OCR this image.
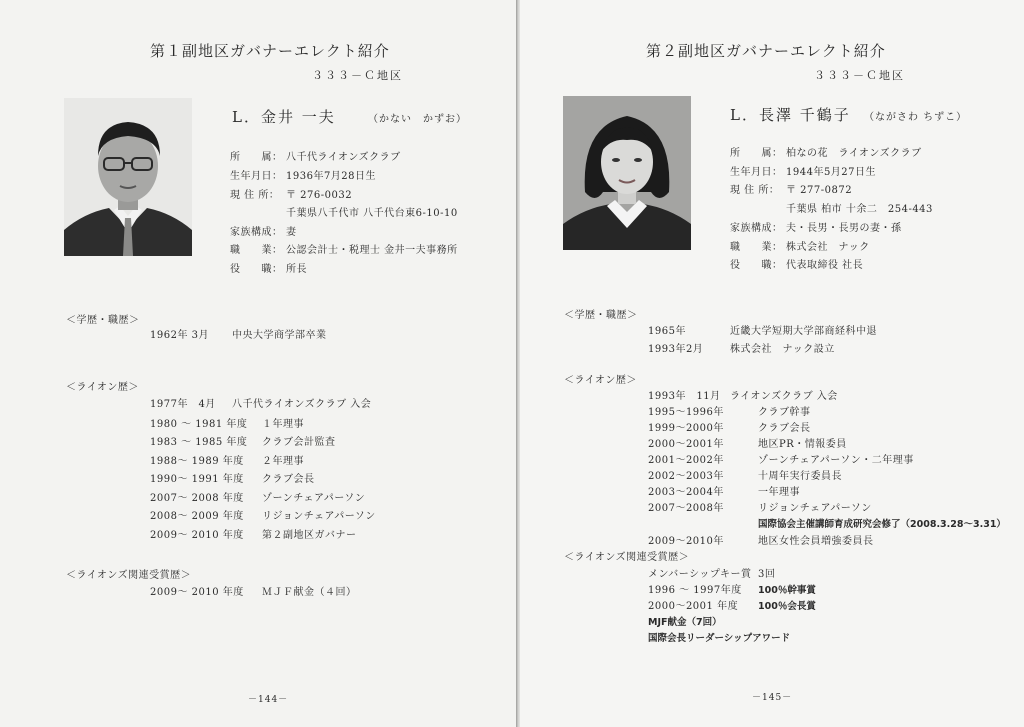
第１副地区ガバナーエレクト紹介
３３３－Ｃ地区
L．金井 一夫	（かない　かずお）
所　　属： 八千代ライオンズクラブ
生年月日： 1936年7月28日生
現 住 所： 〒 276-0032
千葉県八千代市 八千代台東6-10-10
家族構成： 妻
職　　業： 公認会計士・税理士 金井一夫事務所
役　　職： 所長
＜学歴・職歴＞
1962年 3月 中央大学商学部卒業
＜ライオン歴＞
1977年　4月 八千代ライオンズクラブ 入会
1980 ～ 1981 年度 １年理事
1983 ～ 1985 年度 クラブ会計監査
1988～ 1989 年度 ２年理事
1990～ 1991 年度 クラブ会長
2007～ 2008 年度 ゾーンチェアパーソン
2008～ 2009 年度 リジョンチェアパーソン
2009～ 2010 年度 第２副地区ガバナー
＜ライオンズ関連受賞歴＞
2009～ 2010 年度 ＭＪＦ献金（４回）
－144－
第２副地区ガバナーエレクト紹介
３３３－Ｃ地区
L．長澤 千鶴子 （ながさわ ちずこ）
所　　属： 柏なの花　ライオンズクラブ
生年月日： 1944年5月27日生
現 住 所： 〒 277-0872
千葉県 柏市 十余二　254-443
家族構成： 夫・長男・長男の妻・孫
職　　業： 株式会社　ナック
役　　職： 代表取締役 社長
＜学歴・職歴＞
1965年	近畿大学短期大学部商経科中退
1993年2月	株式会社　ナック設立
＜ライオン歴＞
1993年　11月 ライオンズクラブ 入会
1995～1996年	クラブ幹事
1999～2000年	クラブ会長
2000～2001年	地区PR・情報委員
2001～2002年	ゾーンチェアパーソン・二年理事
2002～2003年	十周年実行委員長
2003～2004年	一年理事
2007～2008年	リジョンチェアパーソン
国際協会主催講師育成研究会修了（2008.3.28～3.31）
2009～2010年	地区女性会員増強委員長
＜ライオンズ関連受賞歴＞
メンバーシップキー賞 3回
1996 ～ 1997年度 100％幹事賞
2000～2001 年度 100％会長賞
MJF献金（7回）
国際会長リーダーシップアワード
－145－
